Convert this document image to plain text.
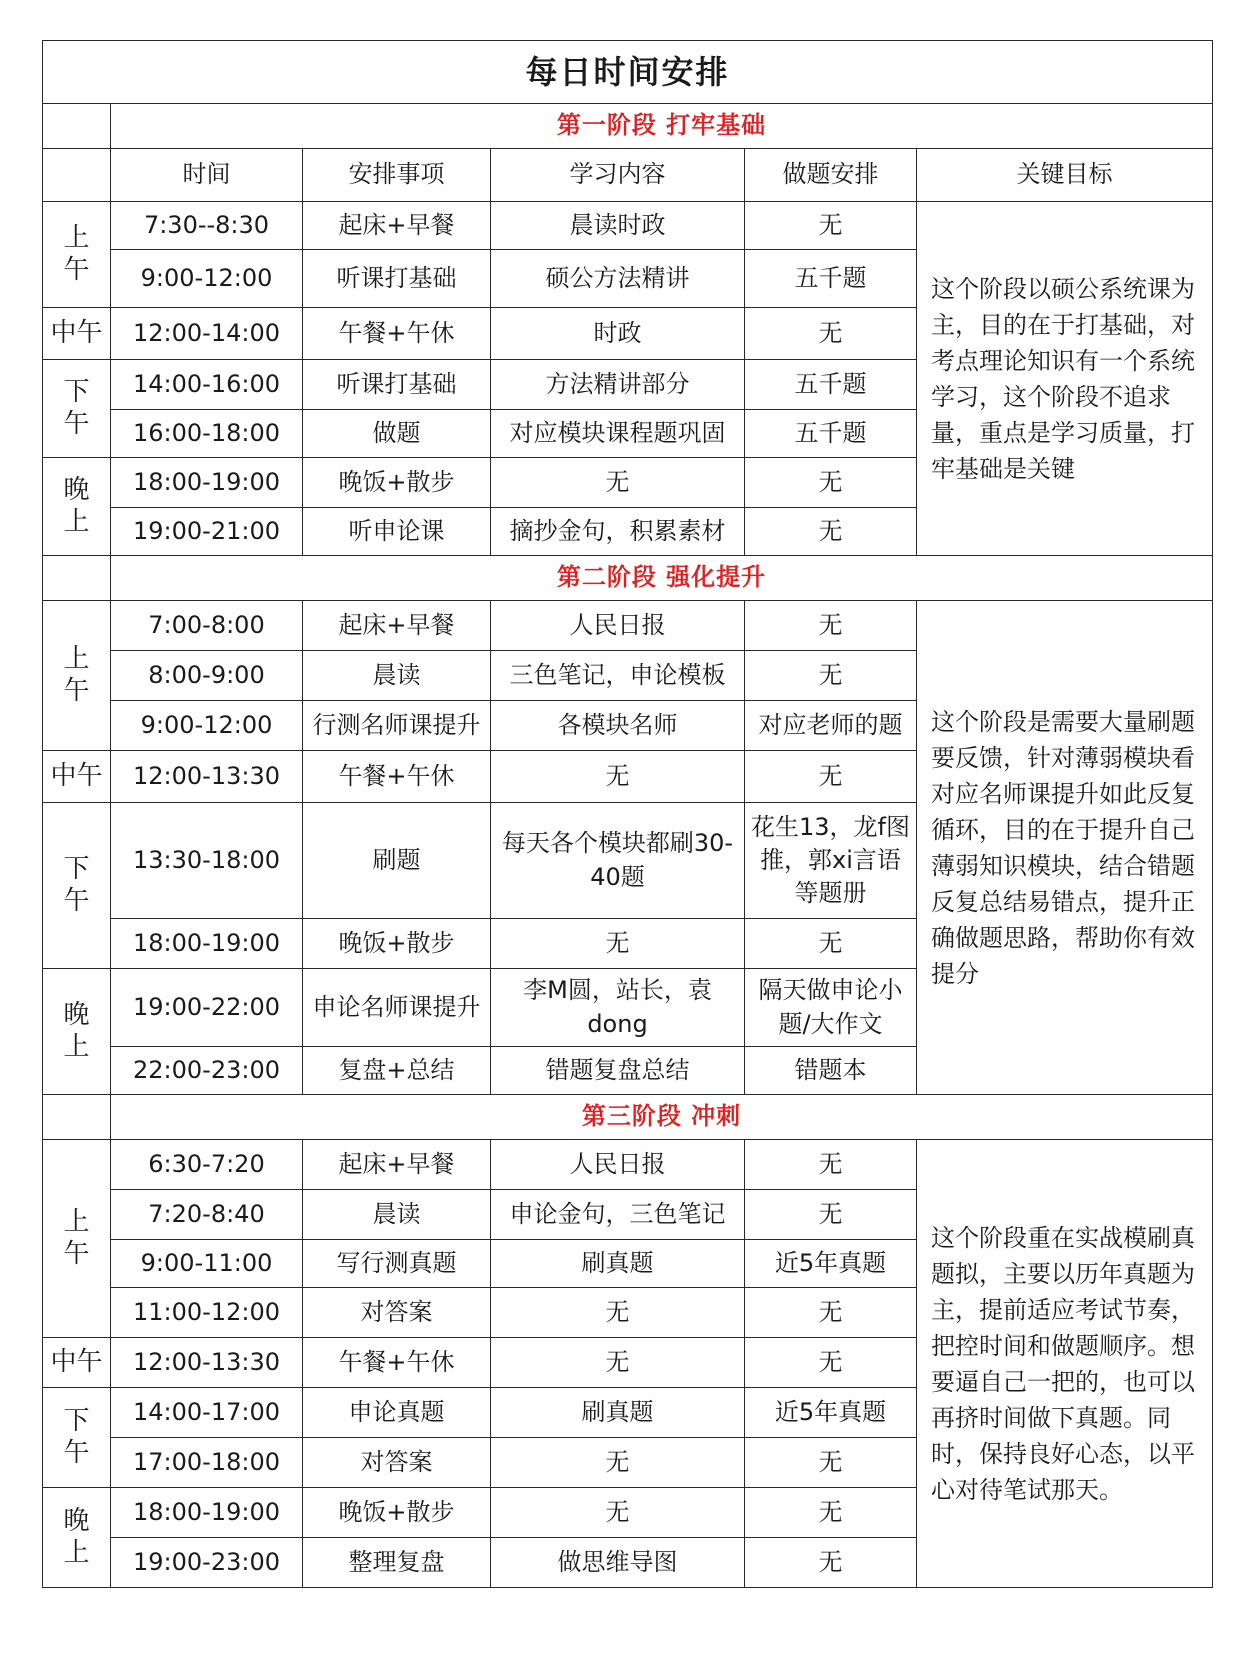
每日时间安排					
	第一阶段 打牢基础				
	时间	安排事项	学习内容	做题安排	关键目标
上午	7:30--8:30	起床+早餐	晨读时政	无	这个阶段以硕公系统课为主，目的在于打基础，对考点理论知识有一个系统学习，这个阶段不追求量，重点是学习质量，打牢基础是关键
	9:00-12:00	听课打基础	硕公方法精讲	五千题	
中午	12:00-14:00	午餐+午休	时政	无	
下午	14:00-16:00	听课打基础	方法精讲部分	五千题	
	16:00-18:00	做题	对应模块课程题巩固	五千题	
晚上	18:00-19:00	晚饭+散步	无	无	
	19:00-21:00	听申论课	摘抄金句，积累素材	无	
	第二阶段 强化提升				
上午	7:00-8:00	起床+早餐	人民日报	无	这个阶段是需要大量刷题要反馈，针对薄弱模块看对应名师课提升如此反复循环，目的在于提升自己薄弱知识模块，结合错题反复总结易错点，提升正确做题思路，帮助你有效提分
	8:00-9:00	晨读	三色笔记，申论模板	无	
	9:00-12:00	行测名师课提升	各模块名师	对应老师的题	
中午	12:00-13:30	午餐+午休	无	无	
下午	13:30-18:00	刷题	每天各个模块都刷30-40题	花生13，龙f图推，郭xi言语等题册	
	18:00-19:00	晚饭+散步	无	无	
晚上	19:00-22:00	申论名师课提升	李M圆，站长，袁dong	隔天做申论小题/大作文	
	22:00-23:00	复盘+总结	错题复盘总结	错题本	
	第三阶段 冲刺				
上午	6:30-7:20	起床+早餐	人民日报	无	这个阶段重在实战模刷真题拟，主要以历年真题为主，提前适应考试节奏，把控时间和做题顺序。想要逼自己一把的，也可以再挤时间做下真题。同时，保持良好心态，以平心对待笔试那天。
	7:20-8:40	晨读	申论金句，三色笔记	无	
	9:00-11:00	写行测真题	刷真题	近5年真题	
	11:00-12:00	对答案	无	无	
中午	12:00-13:30	午餐+午休	无	无	
下午	14:00-17:00	申论真题	刷真题	近5年真题	
	17:00-18:00	对答案	无	无	
晚上	18:00-19:00	晚饭+散步	无	无	
	19:00-23:00	整理复盘	做思维导图	无	
